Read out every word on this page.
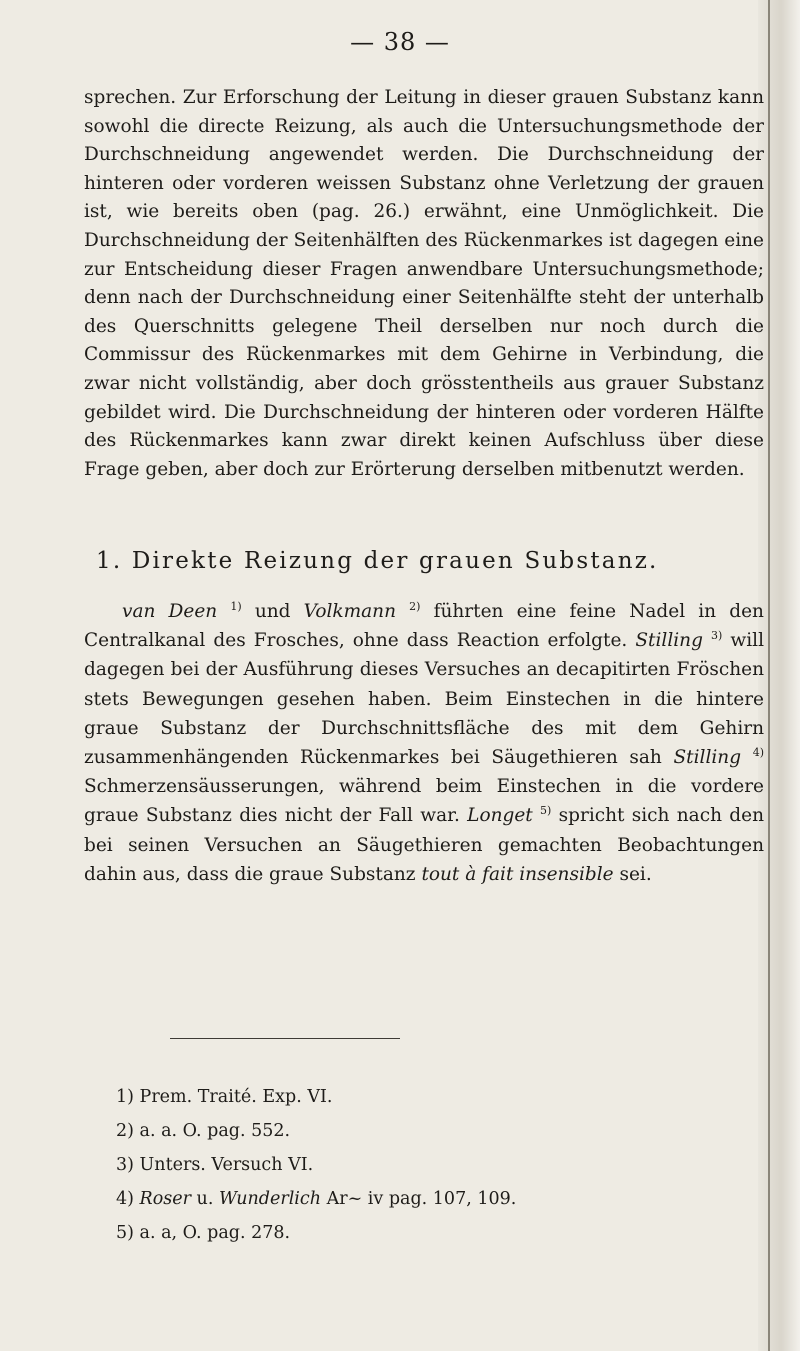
— 38 —

sprechen. Zur Erforschung der Leitung in dieser grauen Substanz kann sowohl die directe Reizung, als auch die Untersuchungsmethode der Durchschneidung angewendet werden. Die Durchschneidung der hinteren oder vorderen weissen Substanz ohne Verletzung der grauen ist, wie bereits oben (pag. 26.) erwähnt, eine Unmöglichkeit. Die Durchschneidung der Seitenhälften des Rückenmarkes ist dagegen eine zur Entscheidung dieser Fragen anwendbare Untersuchungsmethode; denn nach der Durchschneidung einer Seitenhälfte steht der unterhalb des Querschnitts gelegene Theil derselben nur noch durch die Commissur des Rückenmarkes mit dem Gehirne in Verbindung, die zwar nicht vollständig, aber doch grösstentheils aus grauer Substanz gebildet wird. Die Durchschneidung der hinteren oder vorderen Hälfte des Rückenmarkes kann zwar direkt keinen Aufschluss über diese Frage geben, aber doch zur Erörterung derselben mitbenutzt werden.

1. Direkte Reizung der grauen Substanz.

van Deen $^{1)}$ und Volkmann $^{2)}$ führten eine feine Nadel in den Centralkanal des Frosches, ohne dass Reaction erfolgte. Stilling $^{3)}$ will dagegen bei der Ausführung dieses Versuches an decapitirten Fröschen stets Bewegungen gesehen haben. Beim Einstechen in die hintere graue Substanz der Durchschnittsfläche des mit dem Gehirn zusammenhängenden Rückenmarkes bei Säugethieren sah Stilling $^{4)}$ Schmerzensäusserungen, während beim Einstechen in die vordere graue Substanz dies nicht der Fall war. Longet $^{5)}$ spricht sich nach den bei seinen Versuchen an Säugethieren gemachten Beobachtungen dahin aus, dass die graue Substanz tout à fait insensible sei.

1) Prem. Traité. Exp. VI.
2) a. a. O. pag. 552.
3) Unters. Versuch VI.
4) Roser u. Wunderlich Ar~ iv pag. 107, 109.
5) a. a, O. pag. 278.
